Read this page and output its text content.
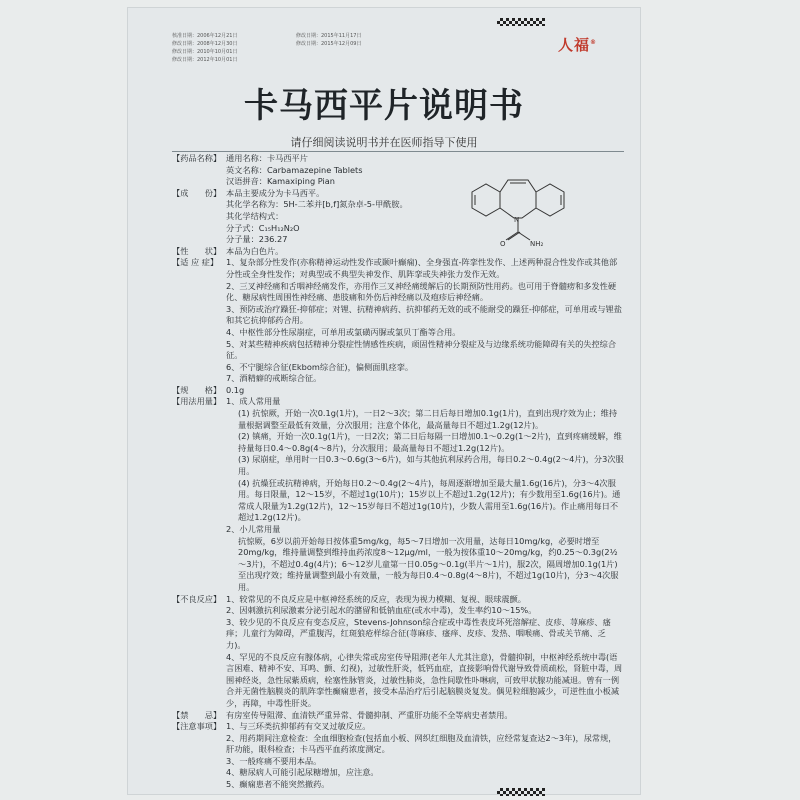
核准日期：2006年12月21日	修改日期：2015年11月17日
修改日期：2008年12月30日	修改日期：2015年12月09日
修改日期：2010年10月01日
修改日期：2012年10月01日
人福®
卡马西平片说明书
请仔细阅读说明书并在医师指导下使用
N
O	NH₂
【药品名称】 通用名称：卡马西平片

英文名称：Carbamazepine Tablets

汉语拼音：Kamaxiping Pian

【成　　份】 本品主要成分为卡马西平。

其化学名称为：5H-二苯并[b,f]氮杂卓-5-甲酰胺。

其化学结构式：

分子式：C₁₅H₁₂N₂O

分子量：236.27

【性　　状】 本品为白色片。

【适 应 症】 1、复杂部分性发作(亦称精神运动性发作或颞叶癫痫)、全身强直-阵挛性发作、上述两种混合性发作或其他部分性或全身性发作；对典型或不典型失神发作、肌阵挛或失神张力发作无效。

2、三叉神经痛和舌咽神经痛发作，亦用作三叉神经痛缓解后的长期预防性用药。也可用于脊髓痨和多发性硬化、糖尿病性周围性神经痛、患肢痛和外伤后神经痛以及疱疹后神经痛。

3、预防或治疗躁狂-抑郁症；对锂、抗精神病药、抗抑郁药无效的或不能耐受的躁狂-抑郁症，可单用或与锂盐和其它抗抑郁药合用。

4、中枢性部分性尿崩症，可单用或氯磺丙脲或氯贝丁酯等合用。

5、对某些精神疾病包括精神分裂症性情感性疾病，顽固性精神分裂症及与边缘系统功能障碍有关的失控综合征。

6、不宁腿综合征(Ekbom综合征)，偏侧面肌痉挛。

7、酒精癖的戒断综合征。

【规　　格】 0.1g

【用法用量】 1、成人常用量

(1) 抗惊厥，开始一次0.1g(1片)，一日2～3次；第二日后每日增加0.1g(1片)，直到出现疗效为止；维持量根据调整至最低有效量，分次服用；注意个体化，最高量每日不超过1.2g(12片)。

(2) 镇痛，开始一次0.1g(1片)，一日2次；第二日后每隔一日增加0.1～0.2g(1～2片)，直到疼痛缓解，维持量每日0.4～0.8g(4～8片)，分次服用；最高量每日不超过1.2g(12片)。

(3) 尿崩症，单用时一日0.3～0.6g(3～6片)，如与其他抗利尿药合用，每日0.2～0.4g(2～4片)，分3次服用。

(4) 抗燥狂或抗精神病，开始每日0.2～0.4g(2～4片)，每周逐渐增加至最大量1.6g(16片)，分3～4次服用。每日限量，12～15岁，不超过1g(10片)；15岁以上不超过1.2g(12片)；有少数用至1.6g(16片)。通常成人限量为1.2g(12片)，12～15岁每日不超过1g(10片)，少数人需用至1.6g(16片)。作止痛用每日不超过1.2g(12片)。

2、小儿常用量

抗惊厥，6岁以前开始每日按体重5mg/kg，每5～7日增加一次用量，达每日10mg/kg，必要时增至20mg/kg，维持量调整到维持血药浓度8～12μg/ml，一般为按体重10～20mg/kg，约0.25～0.3g(2½～3片)，不超过0.4g(4片)；6～12岁儿童第一日0.05g～0.1g(半片～1片)，服2次，隔周增加0.1g(1片)至出现疗效；维持量调整到最小有效量，一般为每日0.4～0.8g(4～8片)，不超过1g(10片)，分3～4次服用。

【不良反应】 1、较常见的不良反应是中枢神经系统的反应，表现为视力模糊、复视、眼球震颤。

2、因刺激抗利尿激素分泌引起水的潴留和低钠血症(或水中毒)，发生率约10～15%。

3、较少见的不良反应有变态反应，Stevens-Johnson综合症或中毒性表皮坏死溶解症、皮疹、荨麻疹、瘙痒；儿童行为障碍，严重腹泻，红斑狼疮样综合征(荨麻疹、瘙痒、皮疹、发热、咽喉痛、骨或关节痛、乏力)。

4、罕见的不良反应有腺体病，心律失常或房室传导阻滞(老年人尤其注意)，骨髓抑制，中枢神经系统中毒(语言困难、精神不安、耳鸣、颤、幻视)，过敏性肝炎，低钙血症，直接影响骨代谢导致骨质疏松，肾脏中毒，周围神经炎，急性尿紫质病，栓塞性脉管炎，过敏性肺炎，急性间歇性卟啉病，可致甲状腺功能减退。曾有一例合并无菌性脑膜炎的肌阵挛性癫痫患者，接受本品治疗后引起脑膜炎复发。偶见粒细胞减少，可逆性血小板减少，再障，中毒性肝炎。

【禁　　忌】 有房室传导阻滞、血清铁严重异常、骨髓抑制、严重肝功能不全等病史者禁用。

【注意事项】 1、与三环类抗抑郁药有交叉过敏反应。

2、用药期间注意检查：全血细胞检查(包括血小板、网织红细胞及血清铁，应经常复查达2～3年)，尿常规，肝功能，眼科检查；卡马西平血药浓度测定。

3、一般疼痛不要用本品。

4、糖尿病人可能引起尿糖增加，应注意。

5、癫痫患者不能突然撤药。
